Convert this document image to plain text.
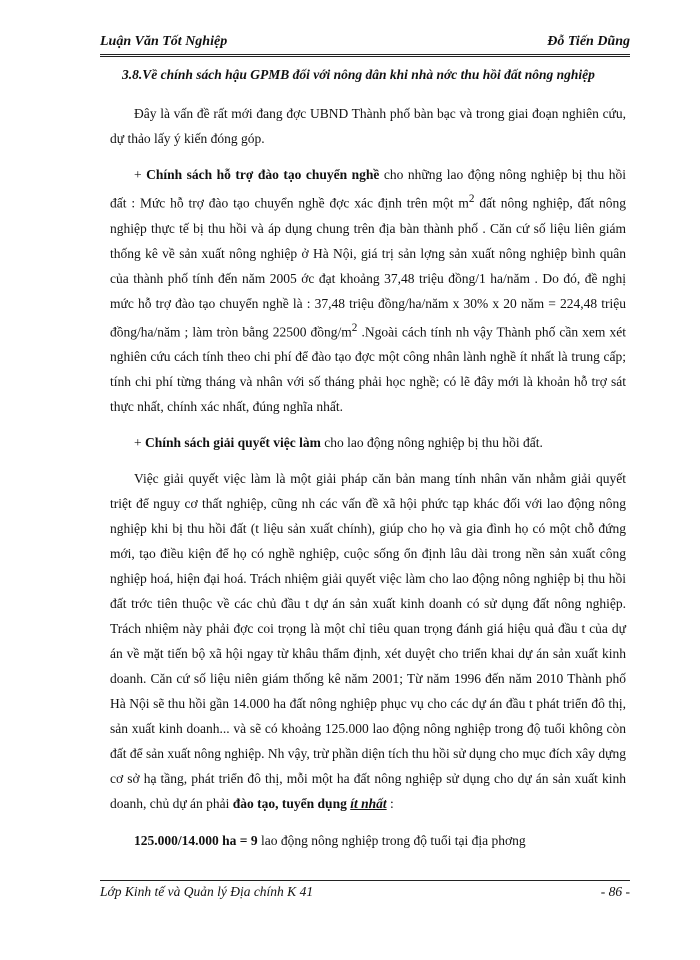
Luận Văn Tốt Nghiệp	Đỗ Tiến Dũng
3.8.Về chính sách hậu GPMB đối với nông dân khi nhà nớc thu hồi đất nông nghiệp

Đây là vấn đề rất mới đang đợc UBND Thành phố bàn bạc và trong giai đoạn nghiên cứu, dự thảo lấy ý kiến đóng góp.

+ Chính sách hỗ trợ đào tạo chuyển nghề cho những lao động nông nghiệp bị thu hồi đất : Mức hỗ trợ đào tạo chuyển nghề đợc xác định trên một $m^2$ đất nông nghiệp, đất nông nghiệp thực tế bị thu hồi và áp dụng chung trên địa bàn thành phố . Căn cứ số liệu liên giám thống kê về sản xuất nông nghiệp ở Hà Nội, giá trị sản lợng sản xuất nông nghiệp bình quân của thành phố tính đến năm 2005 ớc đạt khoảng 37,48 triệu đồng/1 ha/năm . Do đó, đề nghị mức hỗ trợ đào tạo chuyển nghề là : 37,48 triệu đồng/ha/năm x 30% x 20 năm = 224,48 triệu đồng/ha/năm ; làm tròn bằng 22500 đồng/$m^2$ .Ngoài cách tính nh vậy Thành phố cần xem xét nghiên cứu cách tính theo chi phí để đào tạo đợc một công nhân lành nghề ít nhất là trung cấp; tính chi phí từng tháng và nhân với số tháng phải học nghề; có lẽ đây mới là khoản hỗ trợ sát thực nhất, chính xác nhất, đúng nghĩa nhất.

+ Chính sách giải quyết việc làm cho lao động nông nghiệp bị thu hồi đất.

Việc giải quyết việc làm là một giải pháp căn bản mang tính nhân văn nhằm giải quyết triệt để nguy cơ thất nghiệp, cũng nh các vấn đề xã hội phức tạp khác đối với lao động nông nghiệp khi bị thu hồi đất (t liệu sản xuất chính), giúp cho họ và gia đình họ có một chỗ đứng mới, tạo điều kiện để họ có nghề nghiệp, cuộc sống ổn định lâu dài trong nền sản xuất công nghiệp hoá, hiện đại hoá. Trách nhiệm giải quyết việc làm cho lao động nông nghiệp bị thu hồi đất trớc tiên thuộc về các chủ đầu t dự án sản xuất kinh doanh có sử dụng đất nông nghiệp. Trách nhiệm này phải đợc coi trọng là một chỉ tiêu quan trọng đánh giá hiệu quả đầu t của dự án về mặt tiến bộ xã hội ngay từ khâu thẩm định, xét duyệt cho triển khai dự án sản xuất kinh doanh. Căn cứ số liệu niên giám thống kê năm 2001; Từ năm 1996 đến năm 2010 Thành phố Hà Nội sẽ thu hồi gần 14.000 ha đất nông nghiệp phục vụ cho các dự án đầu t phát triển đô thị, sản xuất kinh doanh... và sẽ có khoảng 125.000 lao động nông nghiệp trong độ tuổi không còn đất để sản xuất nông nghiệp. Nh vậy, trừ phần diện tích thu hồi sử dụng cho mục đích xây dựng cơ sở hạ tầng, phát triển đô thị, mỗi một ha đất nông nghiệp sử dụng cho dự án sản xuất kinh doanh, chủ dự án phải đào tạo, tuyển dụng ít nhất :

125.000/14.000 ha = 9 lao động nông nghiệp trong độ tuổi tại địa phơng

Lớp Kinh tế và Quản lý Địa chính K 41	- 86 -
